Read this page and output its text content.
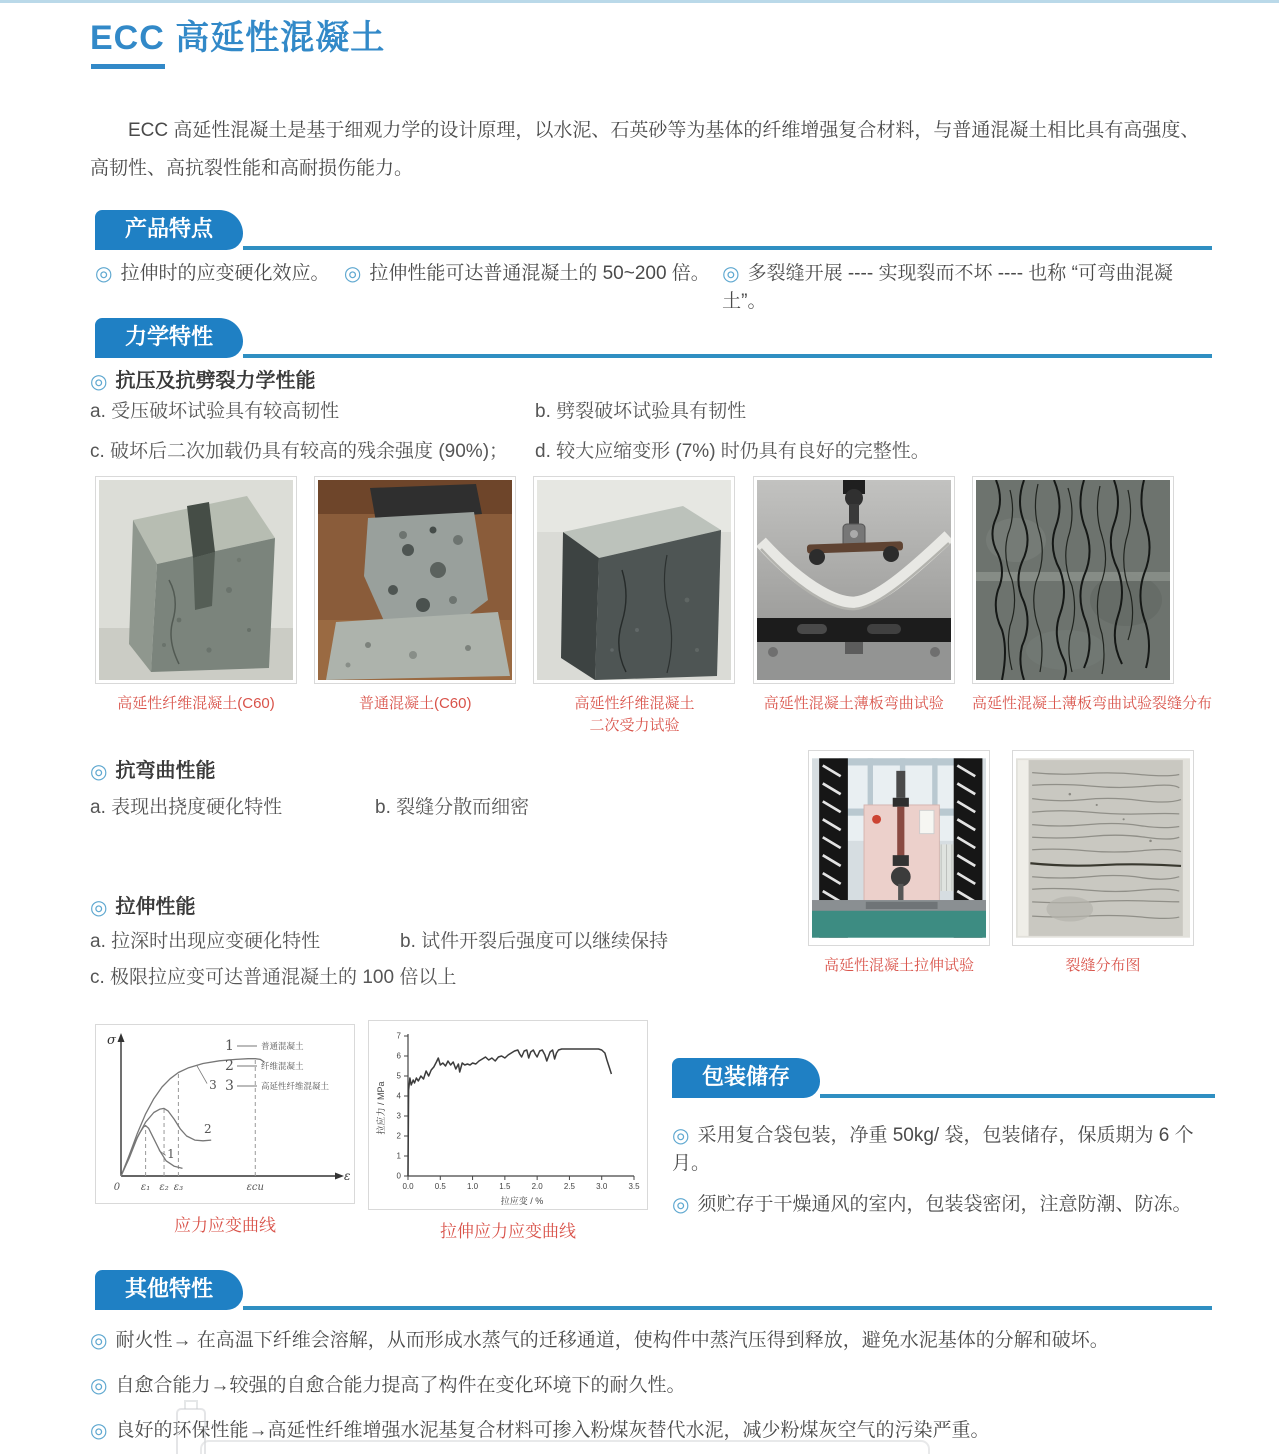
ECC 高延性混凝土

ECC 高延性混凝土是基于细观力学的设计原理，以水泥、石英砂等为基体的纤维增强复合材料，与普通混凝土相比具有高强度、高韧性、高抗裂性能和高耐损伤能力。

产品特点
◎ 拉伸时的应变硬化效应。 ◎ 拉伸性能可达普通混凝土的 50~200 倍。 ◎ 多裂缝开展 ---- 实现裂而不坏 ---- 也称 “可弯曲混凝土”。
力学特性
◎ 抗压及抗劈裂力学性能
a. 受压破坏试验具有较高韧性	b. 劈裂破坏试验具有韧性
c. 破坏后二次加载仍具有较高的残余强度 (90%)；	d. 较大应缩变形 (7%) 时仍具有良好的完整性。
高延性纤维混凝土(C60)	普通混凝土(C60)	高延性纤维混凝土
二次受力试验
高延性混凝土薄板弯曲试验	高延性混凝土薄板弯曲试验裂缝分布
◎ 抗弯曲性能
a. 表现出挠度硬化特性	b. 裂缝分散而细密
◎ 拉伸性能
a. 拉深时出现应变硬化特性	b. 试件开裂后强度可以继续保持
c. 极限拉应变可达普通混凝土的 100 倍以上
高延性混凝土拉伸试验	裂缝分布图
σ
ε
0 ε₁ ε₂ ε₃	εcu
1
2
3
1	普通混凝土
2	纤维混凝土
3	高延性纤维混凝土
应力应变曲线
0.0	0.5	1.0	1.5	2.0	2.5	3.0	3.5
0
1
2
3
4
5
6
7
拉应力 / MPa
拉应变 / %
拉伸应力应变曲线
包装储存
◎ 采用复合袋包装，净重 50kg/ 袋，包装储存，保质期为 6 个月。
◎ 须贮存于干燥通风的室内，包装袋密闭，注意防潮、防冻。
其他特性
◎ 耐火性→ 在高温下纤维会溶解，从而形成水蒸气的迁移通道，使构件中蒸汽压得到释放，避免水泥基体的分解和破坏。
◎ 自愈合能力→较强的自愈合能力提高了构件在变化环境下的耐久性。
◎ 良好的环保性能→高延性纤维增强水泥基复合材料可掺入粉煤灰替代水泥，减少粉煤灰空气的污染严重。
